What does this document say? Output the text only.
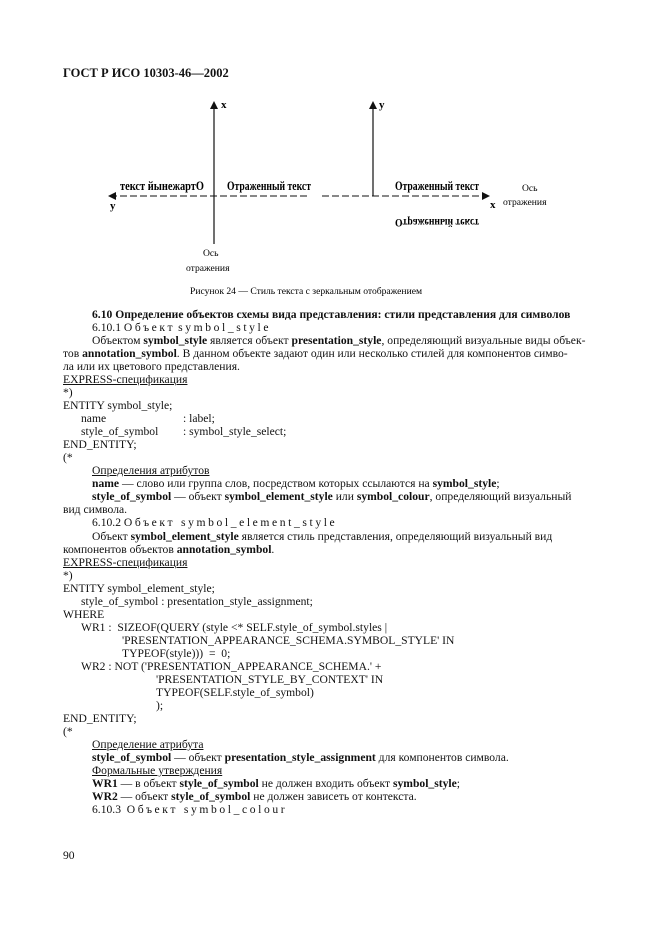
ГОСТ Р ИСО 10303-46—2002
x
y
текст йынежартО Отраженный текст
Ось
отражения
y
x
Отраженный текст
Отраженный текст
Ось
отражения
Рисунок 24 — Стиль текста с зеркальным отображением
6.10 Определение объектов схемы вида представления: стили представления для символов
6.10.1 Объект symbol_style
Объектом symbol_style является объект presentation_style, определяющий визуальные виды объек-
тов annotation_symbol. В данном объекте задают один или несколько стилей для компонентов симво-
ла или их цветового представления.
EXPRESS-спецификация
*)
ENTITY symbol_style;
name	: label;
style_of_symbol : symbol_style_select;
END_ENTITY;
(*
Определения атрибутов
name — слово или группа слов, посредством которых ссылаются на symbol_style;
style_of_symbol — объект symbol_element_style или symbol_colour, определяющий визуальный
вид символа.
6.10.2 Объект symbol_element_style
Объект symbol_element_style является стиль представления, определяющий визуальный вид
компонентов объектов annotation_symbol.
EXPRESS-спецификация
*)
ENTITY symbol_element_style;
style_of_symbol : presentation_style_assignment;
WHERE
WR1 :  SIZEOF(QUERY (style <* SELF.style_of_symbol.styles |
'PRESENTATION_APPEARANCE_SCHEMA.SYMBOL_STYLE' IN
TYPEOF(style)))  =  0;
WR2 : NOT ('PRESENTATION_APPEARANCE_SCHEMA.' +
'PRESENTATION_STYLE_BY_CONTEXT' IN
TYPEOF(SELF.style_of_symbol)
);
END_ENTITY;
(*
Определение атрибута
style_of_symbol — объект presentation_style_assignment для компонентов символа.
Формальные утверждения
WR1 — в объект style_of_symbol не должен входить объект symbol_style;
WR2 — объект style_of_symbol не должен зависеть от контекста.
6.10.3  Объект symbol_colour
90
